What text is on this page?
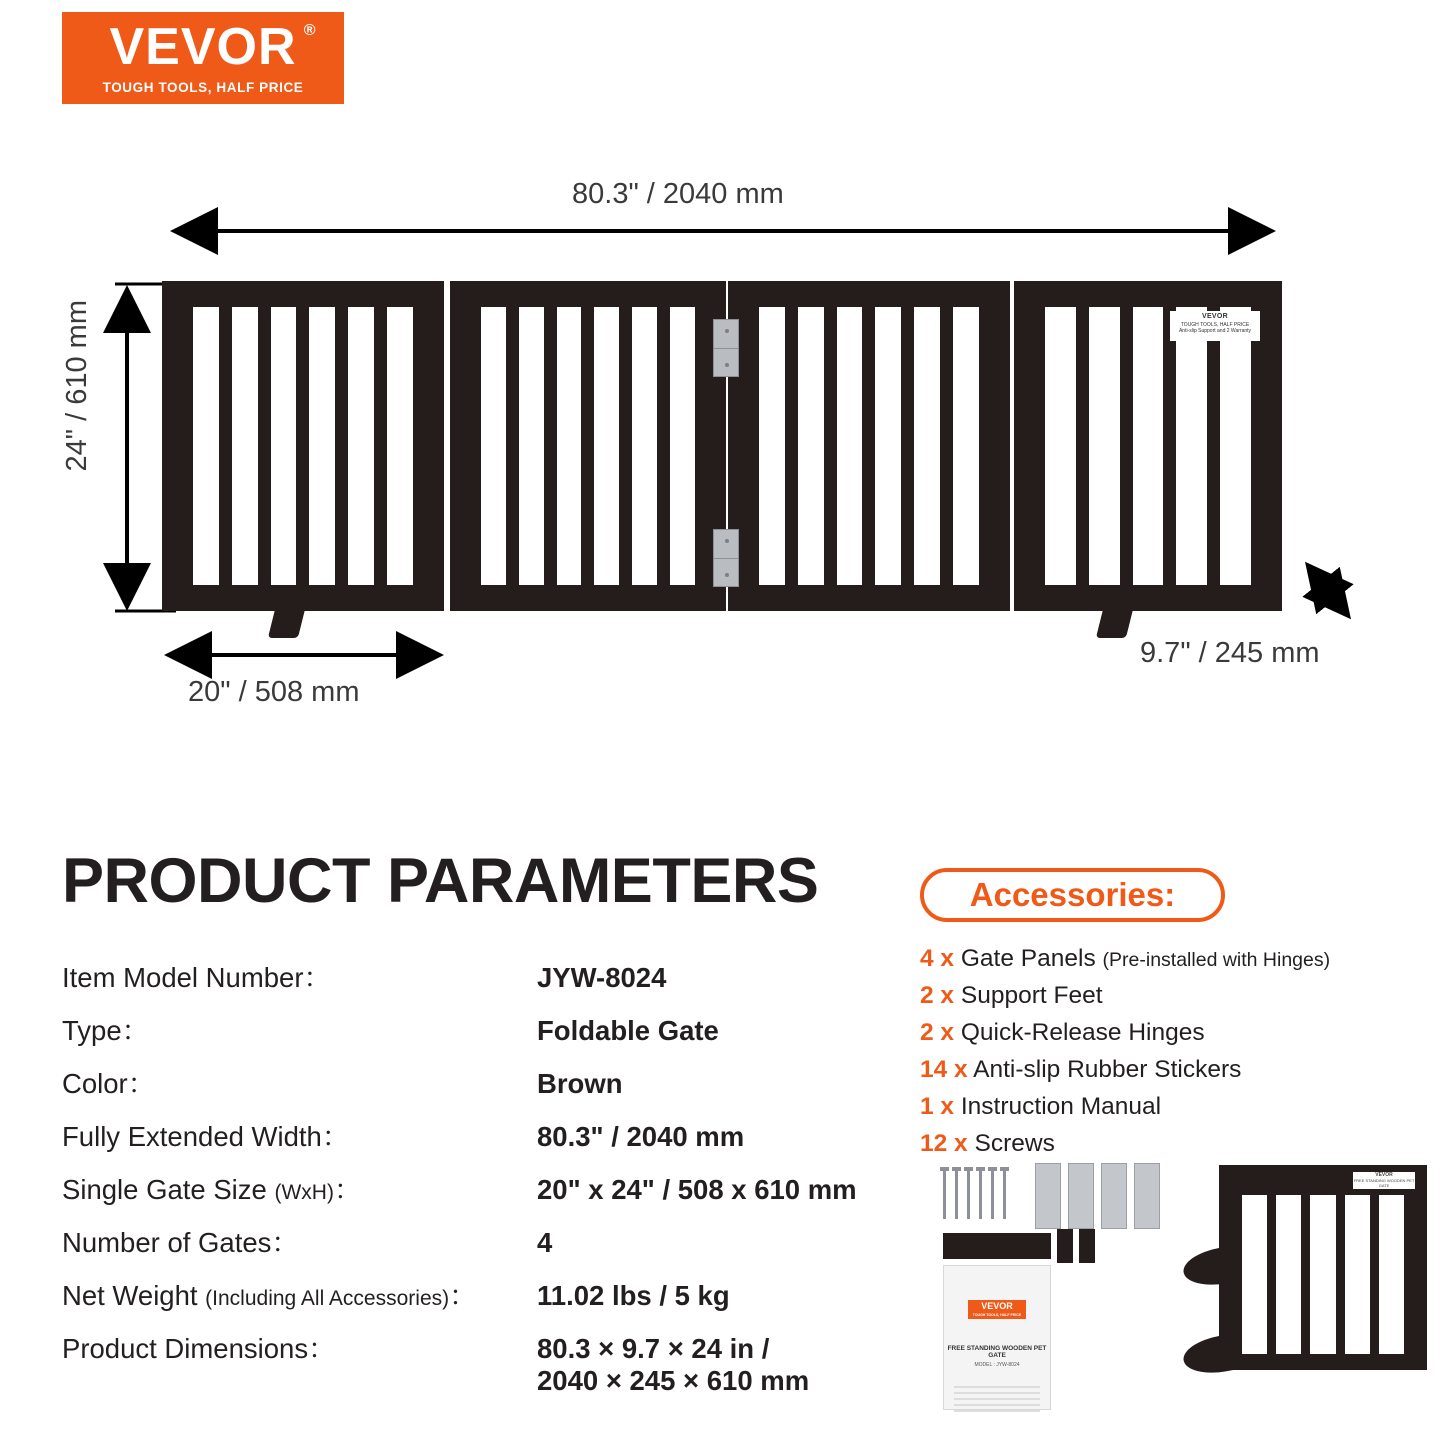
VEVOR ®
TOUGH TOOLS, HALF PRICE
80.3" / 2040 mm
24" / 610 mm
20" / 508 mm
9.7" / 245 mm
VEVOR
TOUGH TOOLS, HALF PRICE
Anti-slip Support and 2 Warranty
PRODUCT PARAMETERS
Item Model Number：	JYW-8024
Type：	Foldable Gate
Color：	Brown
Fully Extended Width：	80.3" / 2040 mm
Single Gate Size (WxH)：	20" x 24" / 508 x 610 mm
Number of Gates：	4
Net Weight (Including All Accessories)：	11.02 lbs / 5 kg
Product Dimensions：	80.3 × 9.7 × 24 in /
2040 × 245 × 610 mm
Accessories:
4 x Gate Panels (Pre-installed with Hinges)
2 x Support Feet
2 x Quick-Release Hinges
14 x Anti-slip Rubber Stickers
1 x Instruction Manual
12 x Screws
VEVOR
TOUGH TOOLS, HALF PRICE
FREE STANDING WOODEN PET GATE
MODEL : JYW-8024
VEVOR
FREE STANDING WOODEN PET GATE
